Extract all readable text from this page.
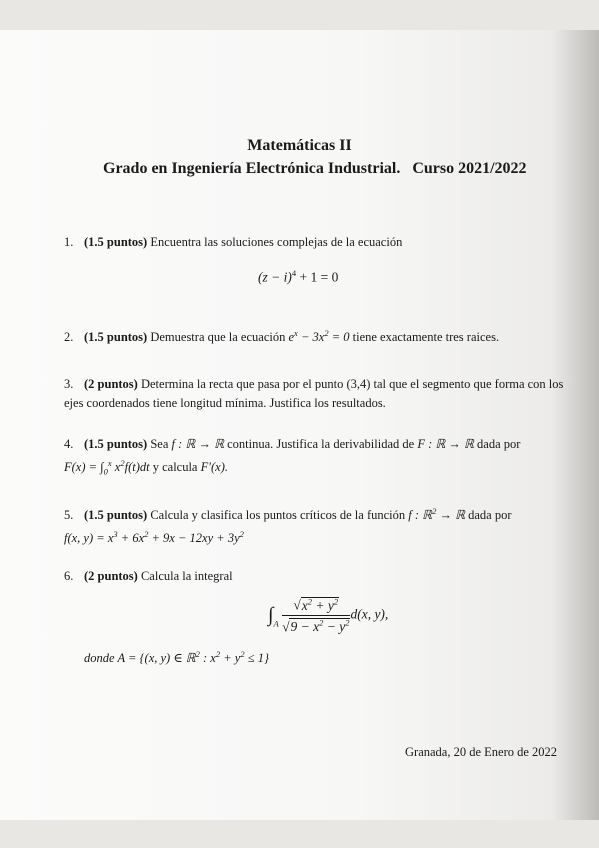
Matemáticas II
Grado en Ingeniería Electrónica Industrial. Curso 2021/2022
1. (1.5 puntos) Encuentra las soluciones complejas de la ecuación
$(z - i)^4 + 1 = 0$
2. (1.5 puntos) Demuestra que la ecuación $e^x - 3x^2 = 0$ tiene exactamente tres raices.
3. (2 puntos) Determina la recta que pasa por el punto (3,4) tal que el segmento que forma con los ejes coordenados tiene longitud mínima. Justifica los resultados.
4. (1.5 puntos) Sea f : ℝ → ℝ continua. Justifica la derivabilidad de F : ℝ → ℝ dada por
$F(x) = \int_0^x$ $x^2f(t)dt$ y calcula F′(x).
5. (1.5 puntos) Calcula y clasifica los puntos críticos de la función f : ℝ$^2$ → ℝ dada por
f(x, $y) = x^3 + 6x^2 + 9x - 12xy + 3y^2$
6. (2 puntos) Calcula la integral
$\int_A \frac{√x^2 + y^2}{√9 - x^2 - y^2} d(x$, y),
donde A = {(x, y) ∈ ℝ$^2$ : $x^2 + y^2 \le 1$}
Granada, 20 de Enero de 2022
